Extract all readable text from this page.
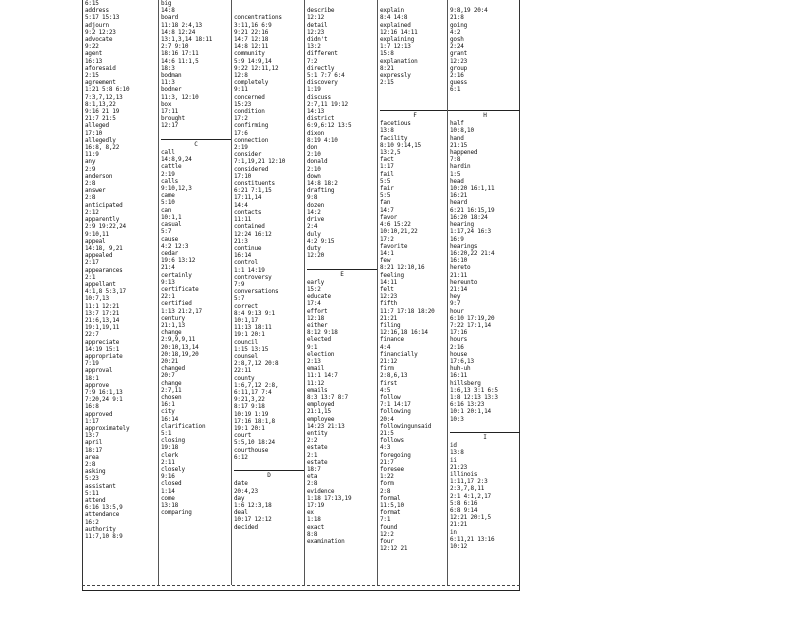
6:15
address
5:17 15:13
adjourn
9:2 12:23
advocate
9:22
agent
16:13
aforesaid
2:15
agreement
1:21 5:8 6:10
7:3,7,12,13
8:1,13,22
9:16 21 19
21:7 21:5
alleged
17:10
allegedly
16:8, 8,22
11:9
any
2:9
anderson
2:8
answer
2:8
anticipated
2:12
apparently
2:9 19:22,24
9:10,11
appeal
14:18, 9,21
appealed
2:17
appearances
2:1
appellant
4:1,8 5:3,17
10:7,13
11:1 12:21
13:7 17:21
21:6,13,14
19:1,19,11
22:7
appreciate
14:19 15:1
appropriate
7:19
approval
18:1
approve
7:9 16:1,13
7:20,24 9:1
16:8
approved
1:17
approximately
13:7
april
18:17
area
2:8
asking
5:23
assistant
5:11
attend
6:16 13:5,9
attendance
16:2
authority
11:7,10 8:9
big
14:8
board
11:18 2:4,13
14:8 12:24
13:1,3,14 18:11
2:7 9:10
18:16 17:11
14:6 11:1,5
18:3
bodman
11:3
bodner
11:3, 12:10
box
17:11
brought
12:17

C
call
14:8,9,24
cattle
2:19
calls
9:10,12,3
came
5:10
can
10:1,1
casual
5:7
cause
4:2 12:3
cedar
19:6 13:12
21:4
certainly
9:13
certificate
22:1
certified
1:13 21:2,17
century
21:1,13
change
2:9,9,9,11
20:10,13,14
20:18,19,20
20:21
changed
20:7
change
2:7,11
chosen
16:1
city
16:14
clarification
5:1
closing
19:18
clerk
2:11
closely
9:16
closed
1:14
come
13:18
comparing

concentrations
3:11,16 6:9
9:21 22:16
14:7 12:18
14:8 12:11
community
5:9 14:9,14
9:22 12:11,12
12:8
completely
9:11
concerned
15:23
condition
17:2
confirming
17:6
connection
2:19
consider
7:1,19,21 12:10
considered
17:10
constituents
6:21 7:1,15
17:11,14
14:4
contacts
11:11
contained
12:24 16:12
21:3
continue
16:14
control
1:1 14:19
controversy
7:9
conversations
5:7
correct
8:4 9:13 9:1
10:1,17
11:13 18:11
19:1 20:1
council
1:15 13:15
counsel
2:8,7,12 20:8
22:11
county
1:6,7,12 2:8,
6:11,17 7:4
9:21,3,22
8:17 9:18
10:19 1:19
17:16 18:1,8
19:1 20:1
court
5:5,10 18:24
courthouse
6:12

D
date
20:4,23
day
1:6 12:3,18
deal
10:17 12:12
decided

describe
12:12
detail
12:23
didn't
13:2
different
7:2
directly
5:1 7:7 6:4
discovery
1:19
discuss
2:7,11 19:12
14:13
district
6:9,6:12 13:5
dixon
8:19 4:10
don
2:10
donald
2:10
down
14:8 18:2
drafting
9:8
dozen
14:2
drive
2:4
duly
4:2 9:15
duty
12:20

E
early
15:2
educate
17:4
effort
12:18
either
8:12 9:18
elected
9:1
election
2:13
email
11:1 14:7
11:12
emails
8:3 13:7 8:7
employed
21:1,15
employee
14:23 21:13
entity
2:2
estate
2:1
estate
18:7
eta
2:8
evidence
1:18 17:13,19
17:19
ex
1:18
exact
8:8
examination

explain
8:4 14:8
explained
12:16 14:11
explaining
1:7 12:13
15:8
explanation
8:21
expressly
2:15

F
facetious
13:8
facility
8:10 9:14,15
13:2,5
fact
1:17
fail
5:5
fair
5:5
fan
14:7
favor
4:6 15:22
10:10,21,22
17:2
favorite
14:1
few
8:21 12:10,16
feeling
14:11
felt
12:23
fifth
11:7 17:18 18:20
21:21
filing
12:16,18 16:14
finance
4:4
financially
21:12
firm
2:8,6,13
first
4:5
follow
7:1 14:17
following
20:4
followingunsaid
21:5
follows
4:3
foregoing
21:7
foresee
1:22
form
2:8
formal
11:5,10
format
7:1
found
12:2
four
12:12 21

9:8,19 20:4
21:8
going
4:2
gosh
2:24
grant
12:23
group
2:16
guess
6:1

H
half
10:8,10
hand
21:15
happened
7:8
hardin
1:5
head
10:20 16:1,11
16:21
heard
6:21 16:15,19
16:20 18:24
hearing
1:17,24 16:3
16:9
hearings
16:20,22 21:4
16:10
hereto
21:11
hereunto
21:14
hey
9:7
hour
6:10 17:19,20
7:22 17:1,14
17:16
hours
2:16
house
17:6,13
huh-uh
16:11
hillsberg
1:6,13 3:1 6:5
1:8 12:13 13:3
6:16 13:23
10:1 20:1,14
10:3

I
id
13:8
ii
21:23
illinois
1:11,17 2:3
2:3,7,8,11
2:1 4:1,2,17
5:8 6:16
6:8 9:14
12:21 20:1,5
21:21
in
6:11,21 13:16
10:12
